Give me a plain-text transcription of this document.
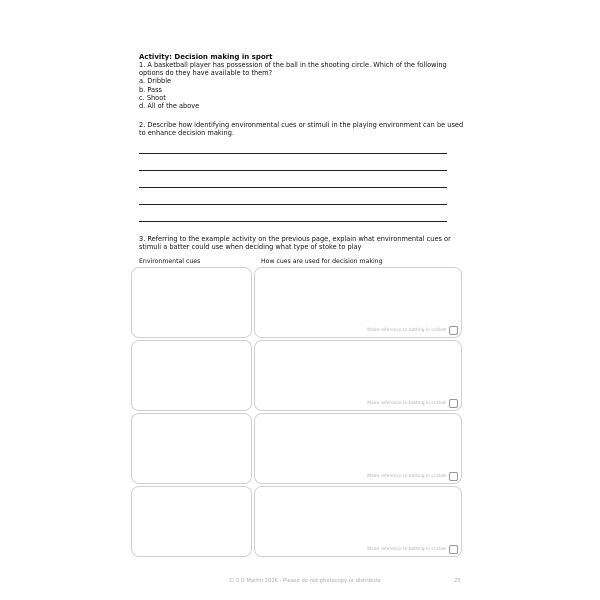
Activity: Decision making in sport
1. A basketball player has possession of the ball in the shooting circle. Which of the following options do they have available to them?
a. Dribble
b. Pass
c. Shoot
d. All of the above
2. Describe how identifying environmental cues or stimuli in the playing environment can be used to enhance decision making.
3. Referring to the example activity on the previous page, explain what environmental cues or stimuli a batter could use when deciding what type of stoke to play
Environmental cues	How cues are used for decision making
Made reference to batting in cricket
Made reference to batting in cricket
Made reference to batting in cricket
Made reference to batting in cricket
© S D Martin 2026 - Please do not photocopy or distribute	25
